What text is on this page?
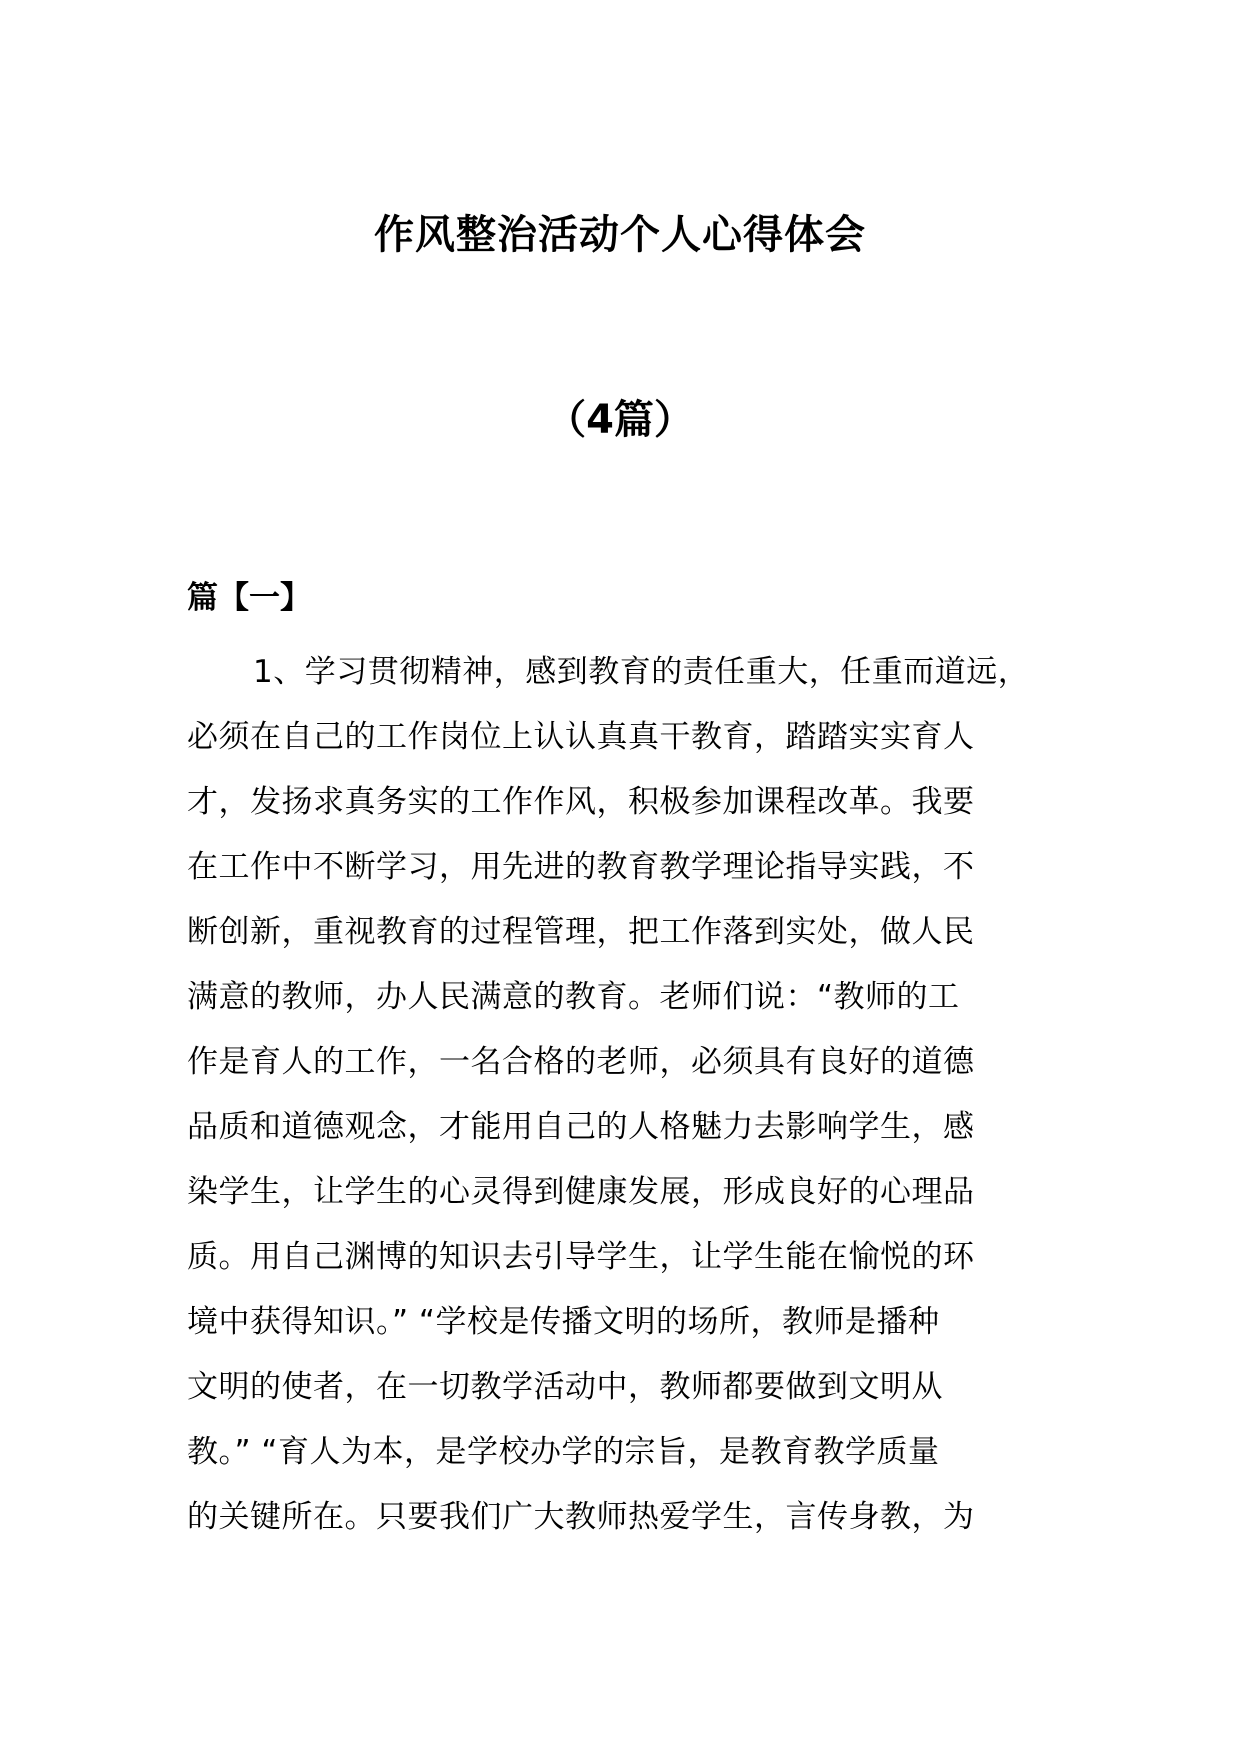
作风整治活动个人心得体会
（4篇）
篇【一】
1、学习贯彻精神，感到教育的责任重大，任重而道远，
必须在自己的工作岗位上认认真真干教育，踏踏实实育人
才，发扬求真务实的工作作风，积极参加课程改革。我要
在工作中不断学习，用先进的教育教学理论指导实践，不
断创新，重视教育的过程管理，把工作落到实处，做人民
满意的教师，办人民满意的教育。老师们说：“教师的工
作是育人的工作，一名合格的老师，必须具有良好的道德
品质和道德观念，才能用自己的人格魅力去影响学生，感
染学生，让学生的心灵得到健康发展，形成良好的心理品
质。用自己渊博的知识去引导学生，让学生能在愉悦的环
境中获得知识。” “学校是传播文明的场所，教师是播种
文明的使者，在一切教学活动中，教师都要做到文明从
教。” “育人为本，是学校办学的宗旨，是教育教学质量
的关键所在。只要我们广大教师热爱学生，言传身教，为
